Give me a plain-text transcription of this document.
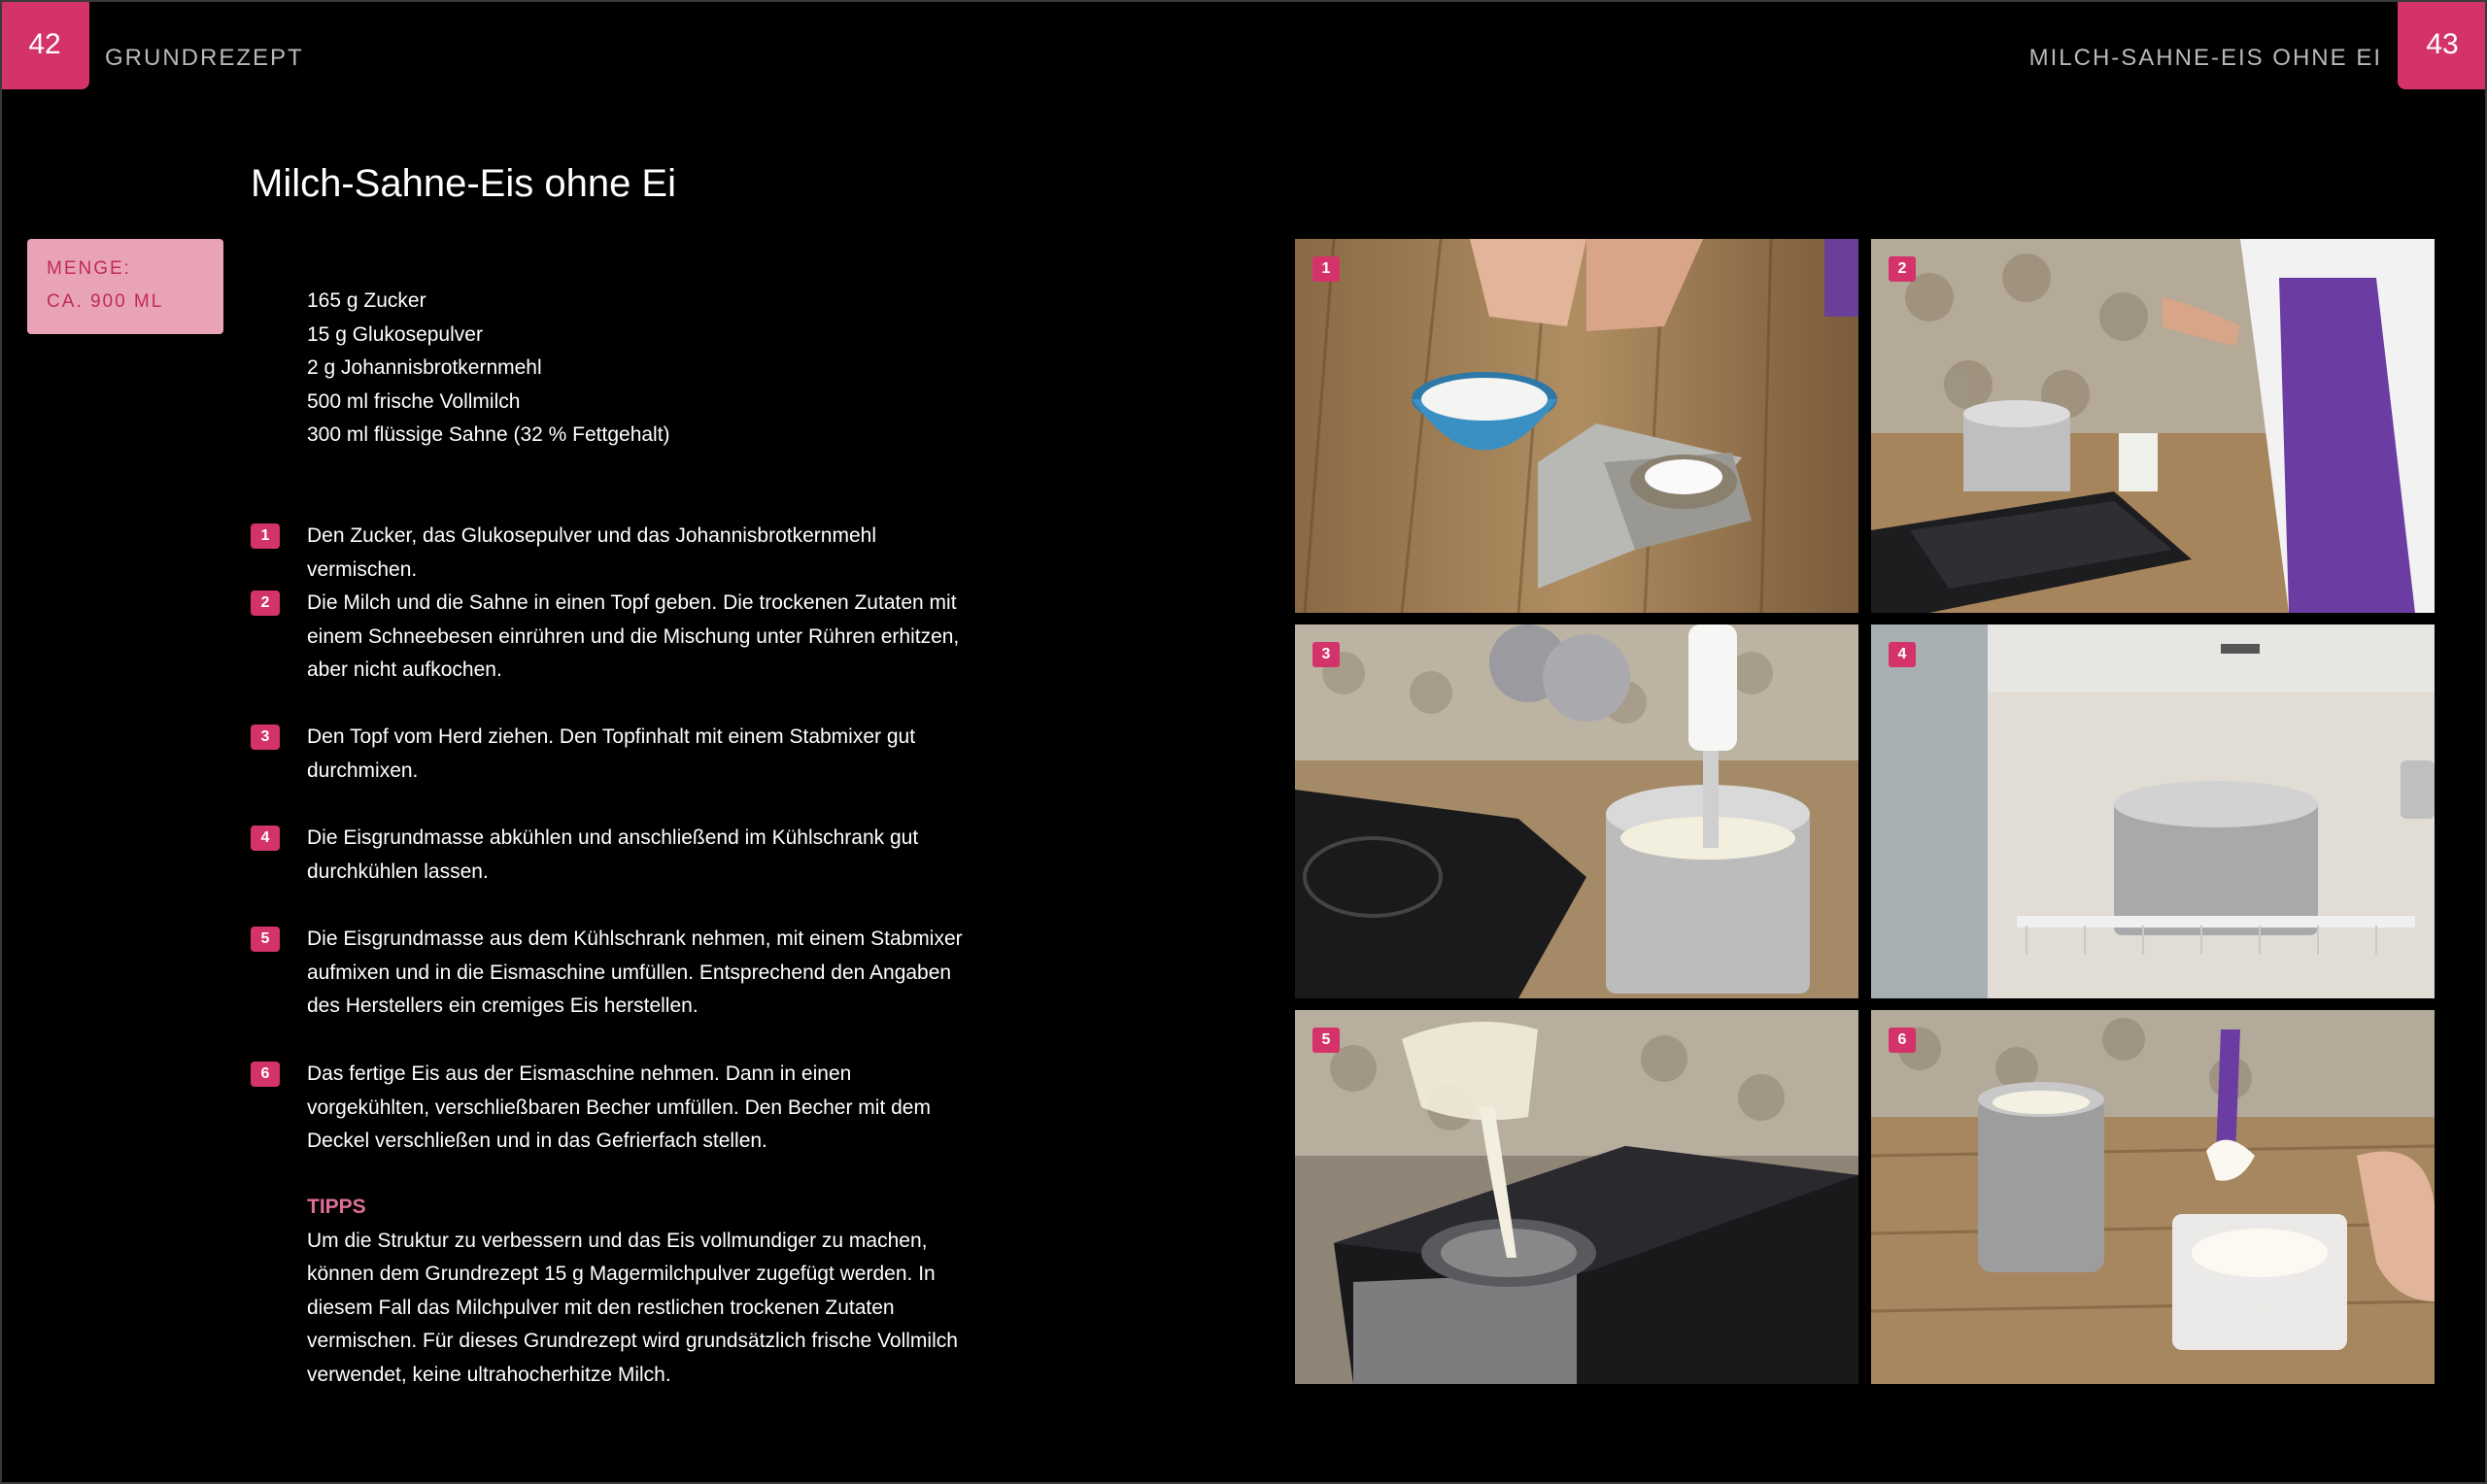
42	GRUNDREZEPT	MILCH-SAHNE-EIS OHNE EI	43
Milch-Sahne-Eis ohne Ei
MENGE:
CA. 900 ML	165 g Zucker
15 g Glukosepulver
2 g Johannisbrotkernmehl
500 ml frische Vollmilch
300 ml flüssige Sahne (32 % Fettgehalt)
1	Den Zucker, das Glukosepulver und das Johannisbrotkernmehl vermischen.
2	Die Milch und die Sahne in einen Topf geben. Die trockenen Zutaten mit einem Schneebesen einrühren und die Mischung unter Rühren erhitzen, aber nicht aufkochen.
3	Den Topf vom Herd ziehen. Den Topfinhalt mit einem Stabmixer gut durchmixen.
4	Die Eisgrundmasse abkühlen und anschließend im Kühlschrank gut durchkühlen lassen.
5	Die Eisgrundmasse aus dem Kühlschrank nehmen, mit einem Stabmixer aufmixen und in die Eismaschine umfüllen. Entsprechend den Angaben des Herstellers ein cremiges Eis herstellen.
6	Das fertige Eis aus der Eismaschine nehmen. Dann in einen vorgekühlten, verschließbaren Becher umfüllen. Den Becher mit dem Deckel verschließen und in das Gefrierfach stellen.
TIPPS
Um die Struktur zu verbessern und das Eis vollmundiger zu machen, können dem Grundrezept 15 g Magermilchpulver zugefügt werden. In diesem Fall das Milchpulver mit den restlichen trockenen Zutaten vermischen. Für dieses Grundrezept wird grundsätzlich frische Vollmilch verwendet, keine ultrahocherhitze Milch.
1	2
3	4
5	6
